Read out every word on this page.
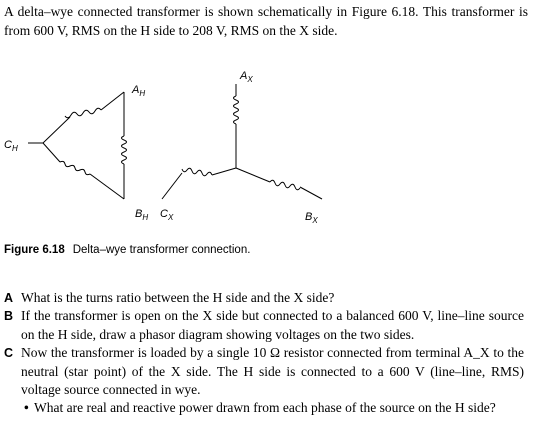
A delta–wye connected transformer is shown schematically in Figure 6.18. This transformer is from 600 V, RMS on the H side to 208 V, RMS on the X side.
$A_H$
$C_H$
$B_H$ $C_X$
$A_X$
$B_X$
Figure 6.18 Delta–wye transformer connection.
A What is the turns ratio between the H side and the X side?
B If the transformer is open on the X side but connected to a balanced 600 V, line–line source on the H side, draw a phasor diagram showing voltages on the two sides.
C Now the transformer is loaded by a single 10 Ω resistor connected from terminal A_X to the neutral (star point) of the X side. The H side is connected to a 600 V (line–line, RMS) voltage source connected in wye.
• What are real and reactive power drawn from each phase of the source on the H side?
